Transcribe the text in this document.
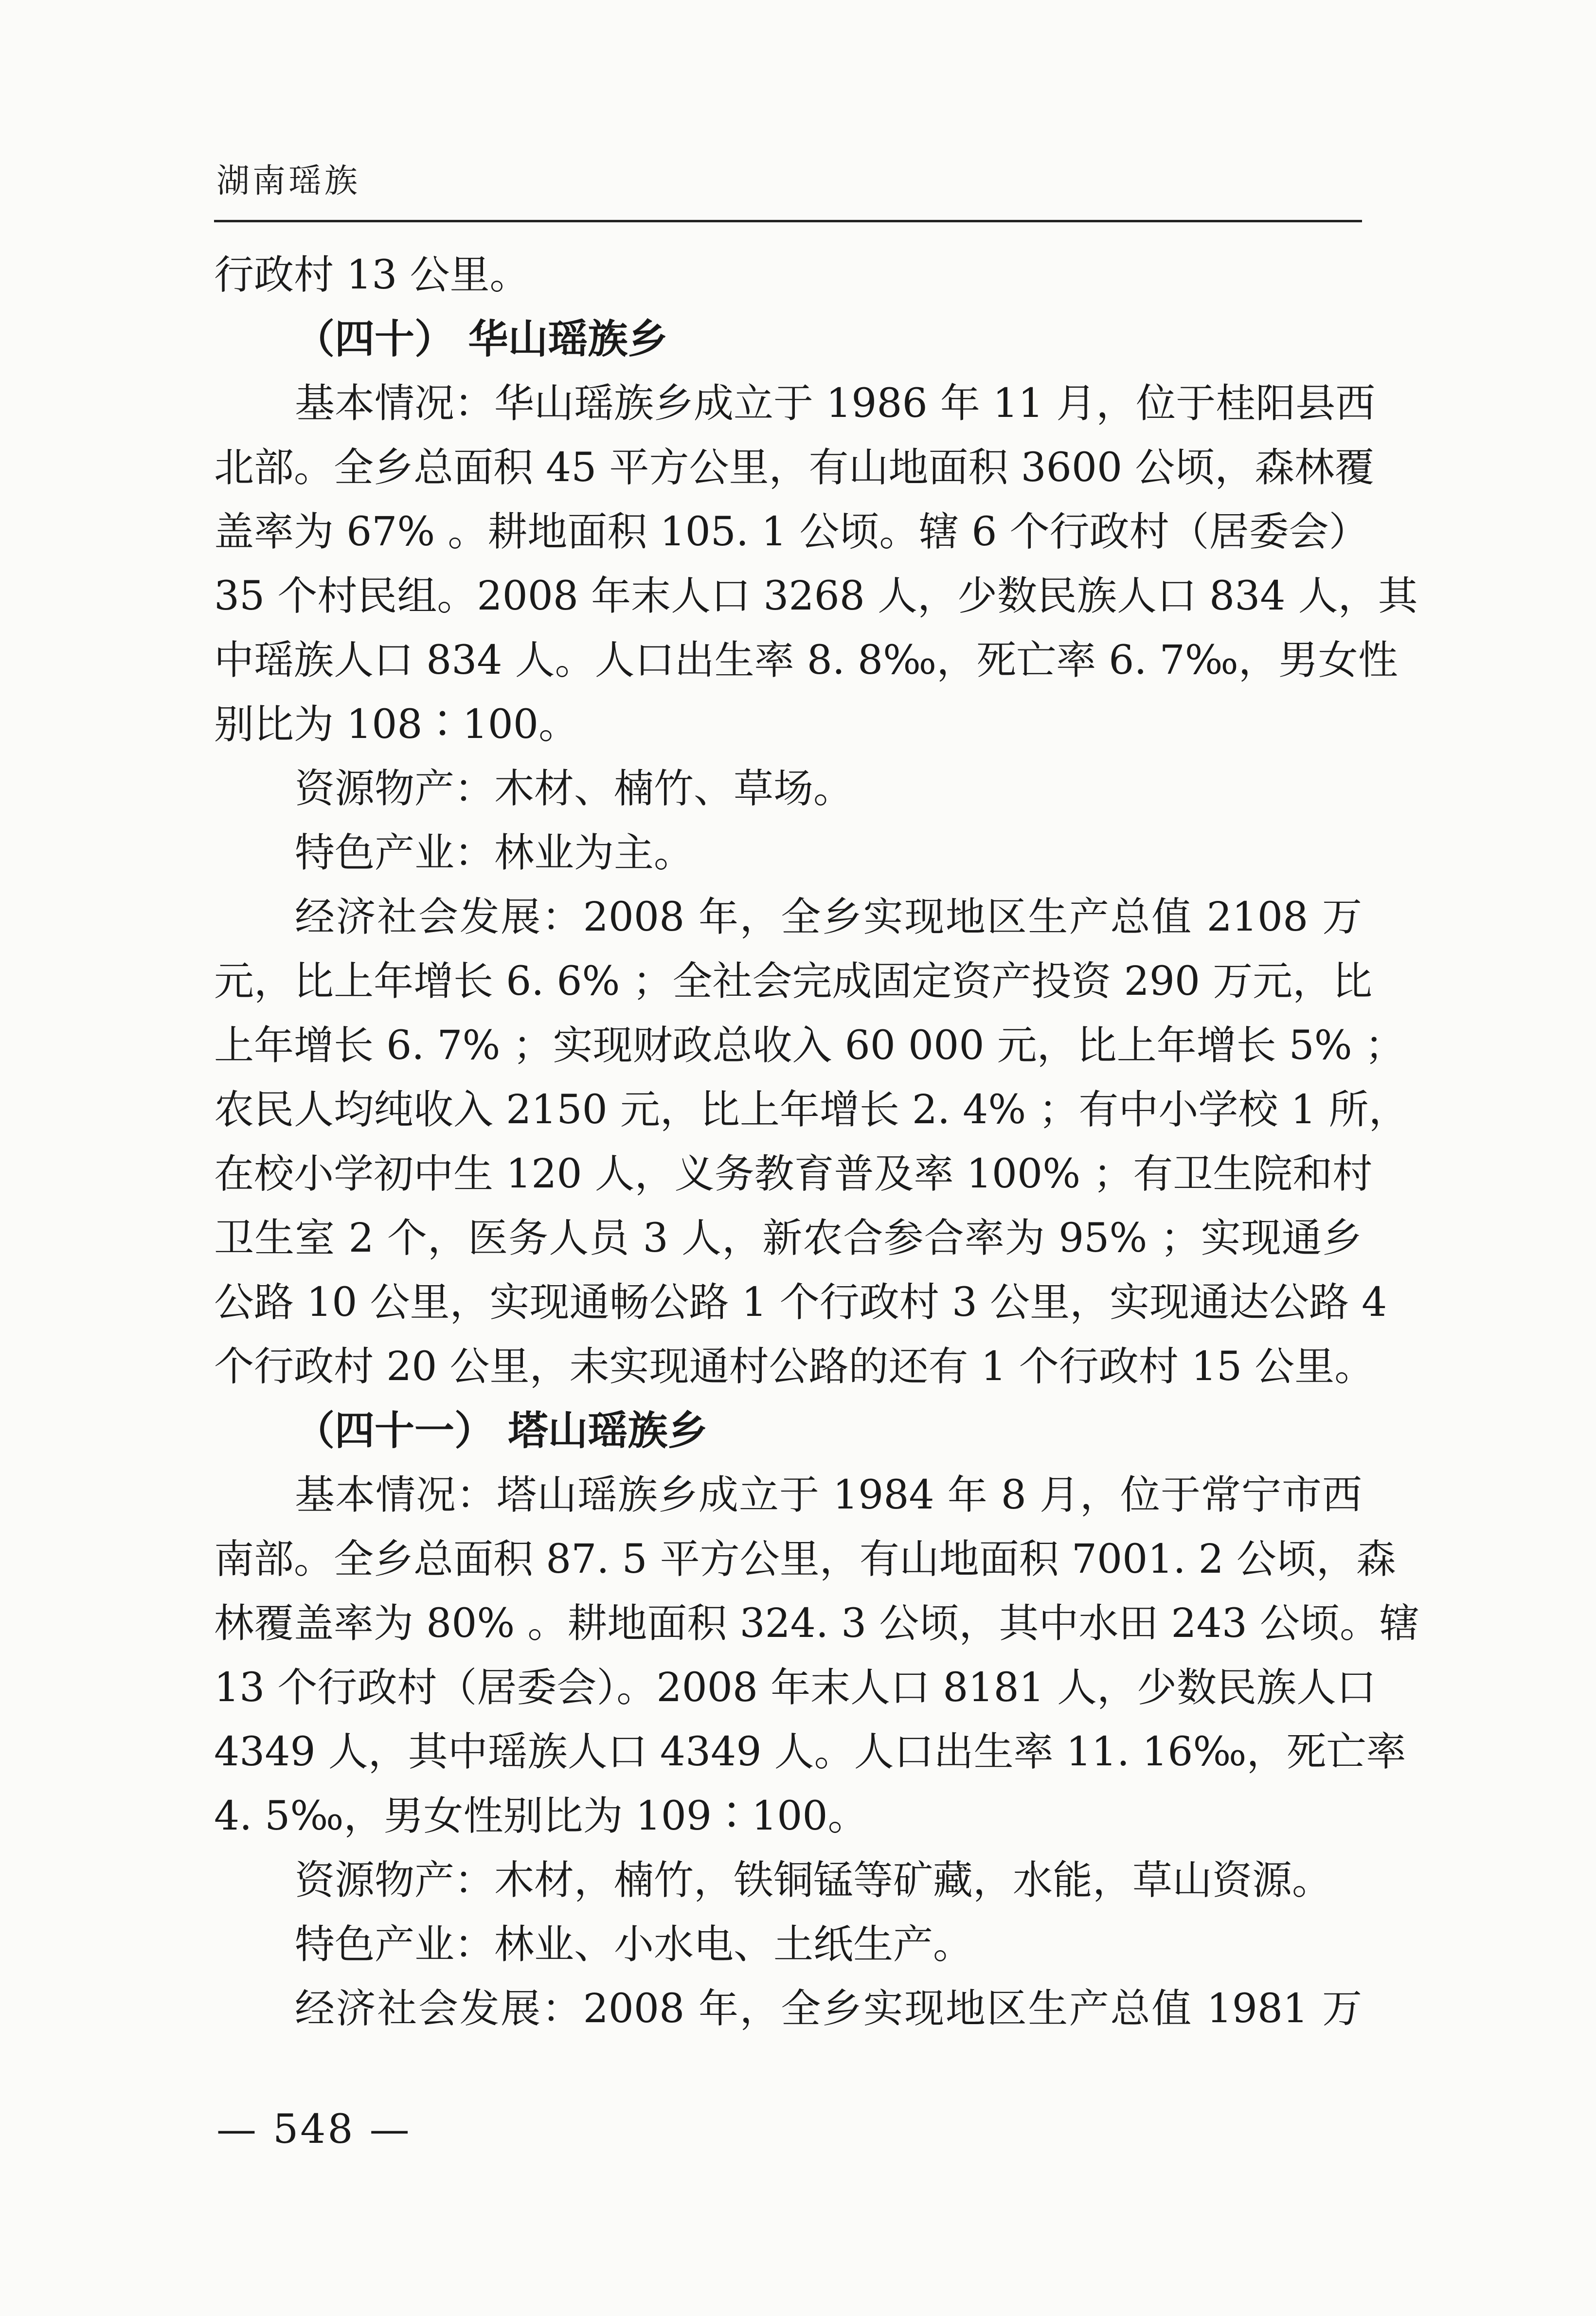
湖南瑶族
行政村 13 公里。
（四十） 华山瑶族乡
基本情况：华山瑶族乡成立于 1986 年 11 月，位于桂阳县西
北部。全乡总面积 45 平方公里，有山地面积 3600 公顷，森林覆
盖率为 67% 。耕地面积 105. 1 公顷。辖 6 个行政村（居委会）
35 个村民组。2008 年末人口 3268 人，少数民族人口 834 人，其
中瑶族人口 834 人。人口出生率 8. 8‰，死亡率 6. 7‰，男女性
别比为 108∶100。
资源物产：木材、楠竹、草场。
特色产业：林业为主。
经济社会发展：2008 年，全乡实现地区生产总值 2108 万
元，比上年增长 6. 6% ；全社会完成固定资产投资 290 万元，比
上年增长 6. 7% ；实现财政总收入 60 000 元，比上年增长 5% ；
农民人均纯收入 2150 元，比上年增长 2. 4% ；有中小学校 1 所，
在校小学初中生 120 人，义务教育普及率 100% ；有卫生院和村
卫生室 2 个，医务人员 3 人，新农合参合率为 95% ；实现通乡
公路 10 公里，实现通畅公路 1 个行政村 3 公里，实现通达公路 4
个行政村 20 公里，未实现通村公路的还有 1 个行政村 15 公里。
（四十一） 塔山瑶族乡
基本情况：塔山瑶族乡成立于 1984 年 8 月，位于常宁市西
南部。全乡总面积 87. 5 平方公里，有山地面积 7001. 2 公顷，森
林覆盖率为 80% 。耕地面积 324. 3 公顷，其中水田 243 公顷。辖
13 个行政村（居委会）。2008 年末人口 8181 人，少数民族人口
4349 人，其中瑶族人口 4349 人。人口出生率 11. 16‰，死亡率
4. 5‰，男女性别比为 109∶100。
资源物产：木材，楠竹，铁铜锰等矿藏，水能，草山资源。
特色产业：林业、小水电、土纸生产。
经济社会发展：2008 年，全乡实现地区生产总值 1981 万
— 548 —
